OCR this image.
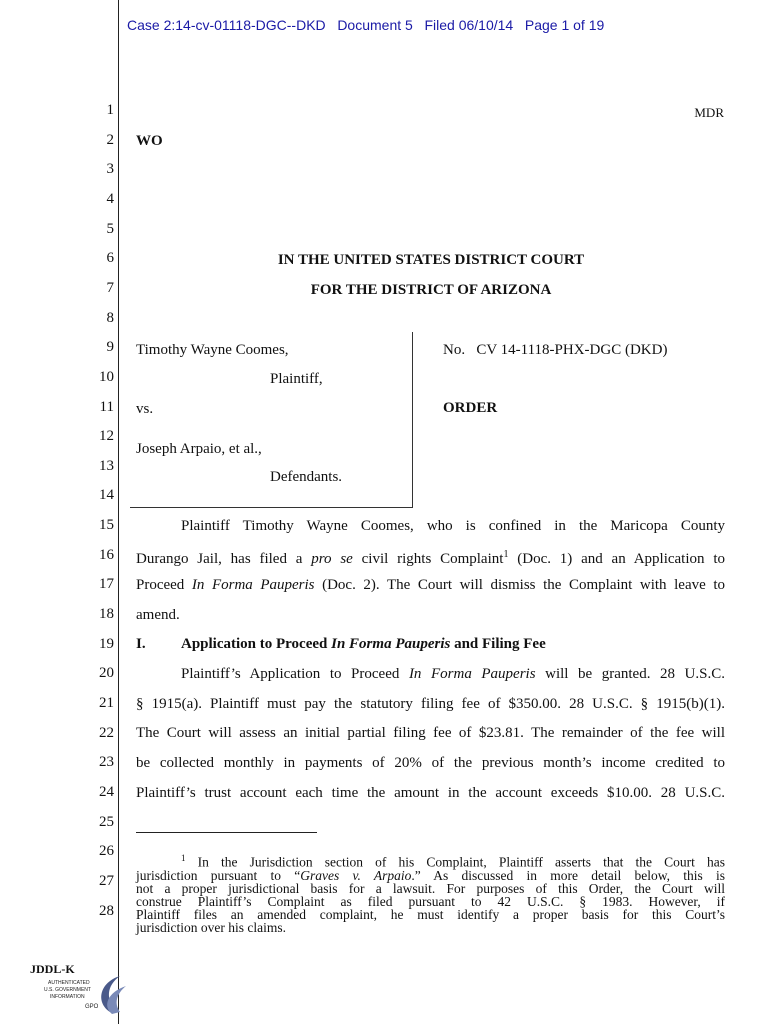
Case 2:14-cv-01118-DGC--DKD   Document 5   Filed 06/10/14   Page 1 of 19
1
2
3
4
5
6
7
8
9
10
11
12
13
14
15
16
17
18
19
20
21
22
23
24
25
26
27
28
MDR
WO
IN THE UNITED STATES DISTRICT COURT
FOR THE DISTRICT OF ARIZONA
Timothy Wayne Coomes,
Plaintiff,
vs.
Joseph Arpaio, et al.,
Defendants.
No.   CV 14-1118-PHX-DGC (DKD)
ORDER
Plaintiff Timothy Wayne Coomes, who is confined in the Maricopa County
Durango Jail, has filed a pro se civil rights Complaint$^1$ (Doc. 1) and an Application to
Proceed In Forma Pauperis (Doc. 2). The Court will dismiss the Complaint with leave to
amend.
I. Application to Proceed In Forma Pauperis and Filing Fee
Plaintiff’s Application to Proceed In Forma Pauperis will be granted. 28 U.S.C.
§ 1915(a). Plaintiff must pay the statutory filing fee of $350.00. 28 U.S.C. § 1915(b)(1).
The Court will assess an initial partial filing fee of $23.81. The remainder of the fee will
be collected monthly in payments of 20% of the previous month’s income credited to
Plaintiff’s trust account each time the amount in the account exceeds $10.00. 28 U.S.C.

$^1$ In the Jurisdiction section of his Complaint, Plaintiff asserts that the Court has

jurisdiction pursuant to “Graves v. Arpaio.” As discussed in more detail below, this is

not a proper jurisdictional basis for a lawsuit. For purposes of this Order, the Court will

construe Plaintiff’s Complaint as filed pursuant to 42 U.S.C. § 1983. However, if

Plaintiff files an amended complaint, he must identify a proper basis for this Court’s

jurisdiction over his claims.

JDDL-K
AUTHENTICATED
U.S. GOVERNMENT
INFORMATION
GPO
